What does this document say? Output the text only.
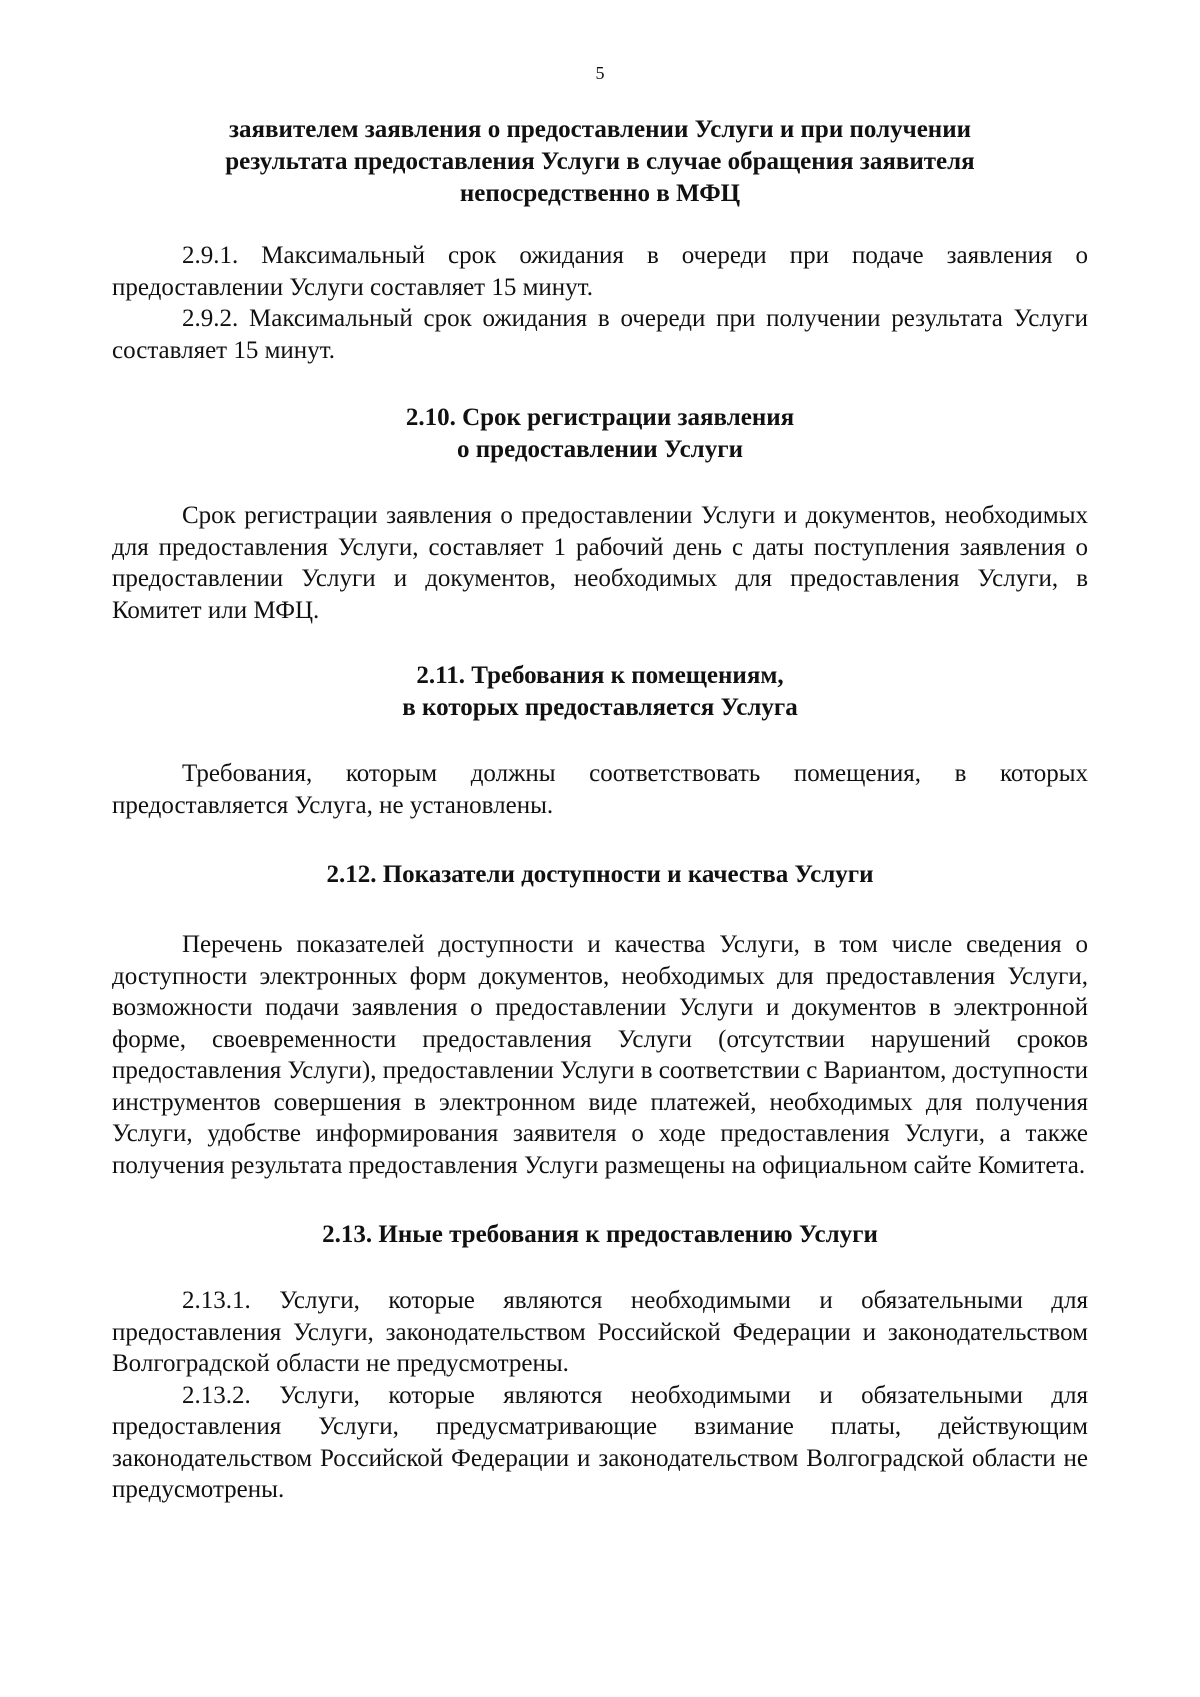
5
заявителем заявления о предоставлении Услуги и при получении
результата предоставления Услуги в случае обращения заявителя
непосредственно в МФЦ

2.9.1. Максимальный срок ожидания в очереди при подаче заявления о предоставлении Услуги составляет 15 минут.

2.9.2. Максимальный срок ожидания в очереди при получении результата Услуги составляет 15 минут.

2.10. Срок регистрации заявления
о предоставлении Услуги

Срок регистрации заявления о предоставлении Услуги и документов, необходимых для предоставления Услуги, составляет 1 рабочий день с даты поступления заявления о предоставлении Услуги и документов, необходимых для предоставления Услуги, в Комитет или МФЦ.

2.11. Требования к помещениям,
в которых предоставляется Услуга

Требования, которым должны соответствовать помещения, в которых предоставляется Услуга, не установлены.

2.12. Показатели доступности и качества Услуги

Перечень показателей доступности и качества Услуги, в том числе сведения о доступности электронных форм документов, необходимых для предоставления Услуги, возможности подачи заявления о предоставлении Услуги и документов в электронной форме, своевременности предоставления Услуги (отсутствии нарушений сроков предоставления Услуги), предоставлении Услуги в соответствии с Вариантом, доступности инструментов совершения в электронном виде платежей, необходимых для получения Услуги, удобстве информирования заявителя о ходе предоставления Услуги, а также получения результата предоставления Услуги размещены на официальном сайте Комитета.

2.13. Иные требования к предоставлению Услуги

2.13.1. Услуги, которые являются необходимыми и обязательными для предоставления Услуги, законодательством Российской Федерации и законодательством Волгоградской области не предусмотрены.

2.13.2. Услуги, которые являются необходимыми и обязательными для предоставления Услуги, предусматривающие взимание платы, действующим законодательством Российской Федерации и законодательством Волгоградской области не предусмотрены.
